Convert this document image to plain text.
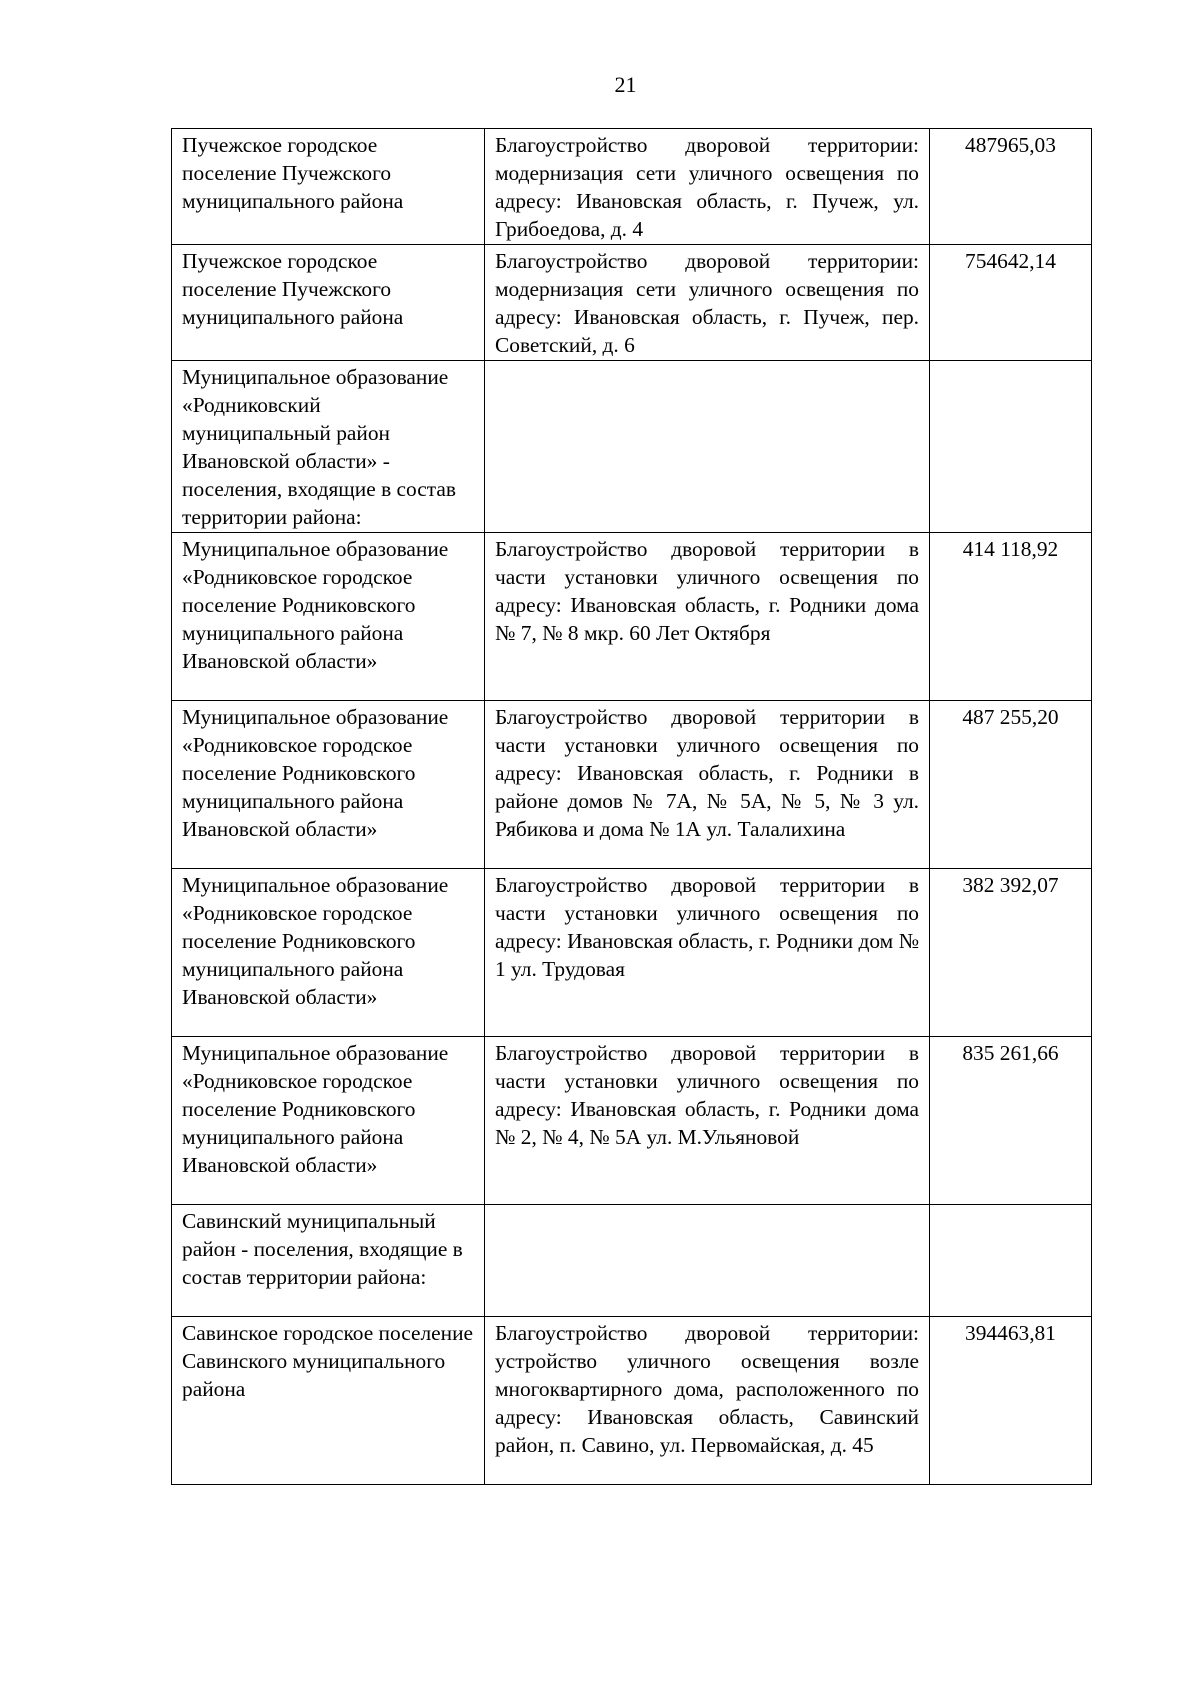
21
Пучежское городское поселение Пучежского муниципального района	Благоустройство дворовой территории: модернизация сети уличного освещения по адресу: Ивановская область, г. Пучеж, ул. Грибоедова, д. 4	487965,03
Пучежское городское поселение Пучежского муниципального района	Благоустройство дворовой территории: модернизация сети уличного освещения по адресу: Ивановская область, г. Пучеж, пер. Советский, д. 6	754642,14
Муниципальное образование «Родниковский муниципальный район Ивановской области» - поселения, входящие в состав территории района:		
Муниципальное образование «Родниковское городское поселение Родниковского муниципального района Ивановской области»	Благоустройство дворовой территории в части установки уличного освещения по адресу: Ивановская область, г. Родники дома № 7, № 8 мкр. 60 Лет Октября	414 118,92
Муниципальное образование «Родниковское городское поселение Родниковского муниципального района Ивановской области»	Благоустройство дворовой территории в части установки уличного освещения по адресу: Ивановская область, г. Родники в районе домов № 7А, № 5А, № 5, № 3 ул. Рябикова и дома № 1А ул. Талалихина	487 255,20
Муниципальное образование «Родниковское городское поселение Родниковского муниципального района Ивановской области»	Благоустройство дворовой территории в части установки уличного освещения по адресу: Ивановская область, г. Родники дом № 1 ул. Трудовая	382 392,07
Муниципальное образование «Родниковское городское поселение Родниковского муниципального района Ивановской области»	Благоустройство дворовой территории в части установки уличного освещения по адресу: Ивановская область, г. Родники дома № 2, № 4, № 5А ул. М.Ульяновой	835 261,66
Савинский муниципальный район - поселения, входящие в состав территории района:		
Савинское городское поселение Савинского муниципального района	Благоустройство дворовой территории: устройство уличного освещения возле многоквартирного дома, расположенного по адресу: Ивановская область, Савинский район, п. Савино, ул. Первомайская, д. 45	394463,81
